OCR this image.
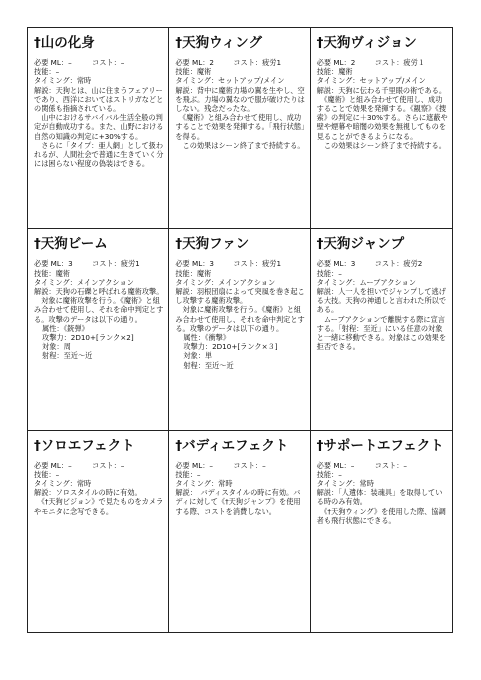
†山の化身
必要 ML：–	コスト：–
技能：–
タイミング：常時
解説：天狗とは、山に住まうフェアリーであり、西洋においてはストリガなどとの関係も指摘されている。
　山中におけるサバイバル生活全般の判定が自動成功する。また、山野における自然の知識の判定に+30%する。
　さらに「タイプ：亜人網」として扱われるが、人間社会で普通に生きていく分には困らない程度の偽装はできる。
†天狗ウィング
必要 ML：2	コスト：疲労1
技能：魔術
タイミング：セットアップ/メイン
解説：背中に魔術力場の翼を生やし、空を飛ぶ。力場の翼なので服が破けたりはしない。残念だったな。
　《魔術》と組み合わせて使用し、成功することで効果を発揮する。「飛行状態」を得る。
　この効果はシーン終了まで持続する。
†天狗ヴィジョン
必要 ML：2	コスト：疲労１
技能：魔術
タイミング：セットアップ/メイン
解説：天狗に伝わる千里眼の術である。
　《魔術》と組み合わせて使用し、成功することで効果を発揮する。《観察》《捜索》の判定に＋30%する。さらに遮蔽や壁や煙幕や暗闇の効果を無視してものを見ることができるようになる。
　この効果はシーン終了まで持続する。
†天狗ビーム
必要 ML：3	コスト：疲労1
技能：魔術
タイミング：メインアクション
解説：天狗の石礫と呼ばれる魔術攻撃。
　対象に魔術攻撃を行う。《魔術》と組み合わせて使用し、それを命中判定とする。攻撃のデータは以下の通り。
属性：《銃弾》
攻撃力：2D10+[ランク×2]
対象：周
射程：至近～近
†天狗ファン
必要 ML：3	コスト：疲労1
技能：魔術
タイミング：メインアクション
解説：羽根団扇によって突風を巻き起こし攻撃する魔術攻撃。
　対象に魔術攻撃を行う。《魔術》と組み合わせて使用し、それを命中判定とする。攻撃のデータは以下の通り。
属性：《衝撃》
攻撃力：2D10+[ランク×３]
対象：単
射程：至近～近
†天狗ジャンプ
必要 ML：3	コスト：疲労2
技能：–
タイミング：ムーブアクション
解説：人一人を担いでジャンプして逃げる大技。天狗の神通しと言われた所以である。
　ムーブアクションで離脱する際に宣言する。「射程：至近」にいる任意の対象と一緒に移動できる。対象はこの効果を拒否できる。
†ソロエフェクト
必要 ML：–	コスト：–
技能：–
タイミング：常時
解説：ソロスタイルの時に有効。
　《†天狗ビジョン》で見たものをカメラやモニタに念写できる。
†バディエフェクト
必要 ML：–	コスト：–
技能：–
タイミング：常時
解説：　バディスタイルの時に有効。バディに対して《†天狗ジャンプ》を使用する際、コストを消費しない。
†サポートエフェクト
必要 ML：–	コスト：–
技能：–
タイミング：常時
解説：「人遺体：装魂具」を取得している時のみ有効。
　《†天狗ウィング》を使用した際、協調者も飛行状態にできる。
